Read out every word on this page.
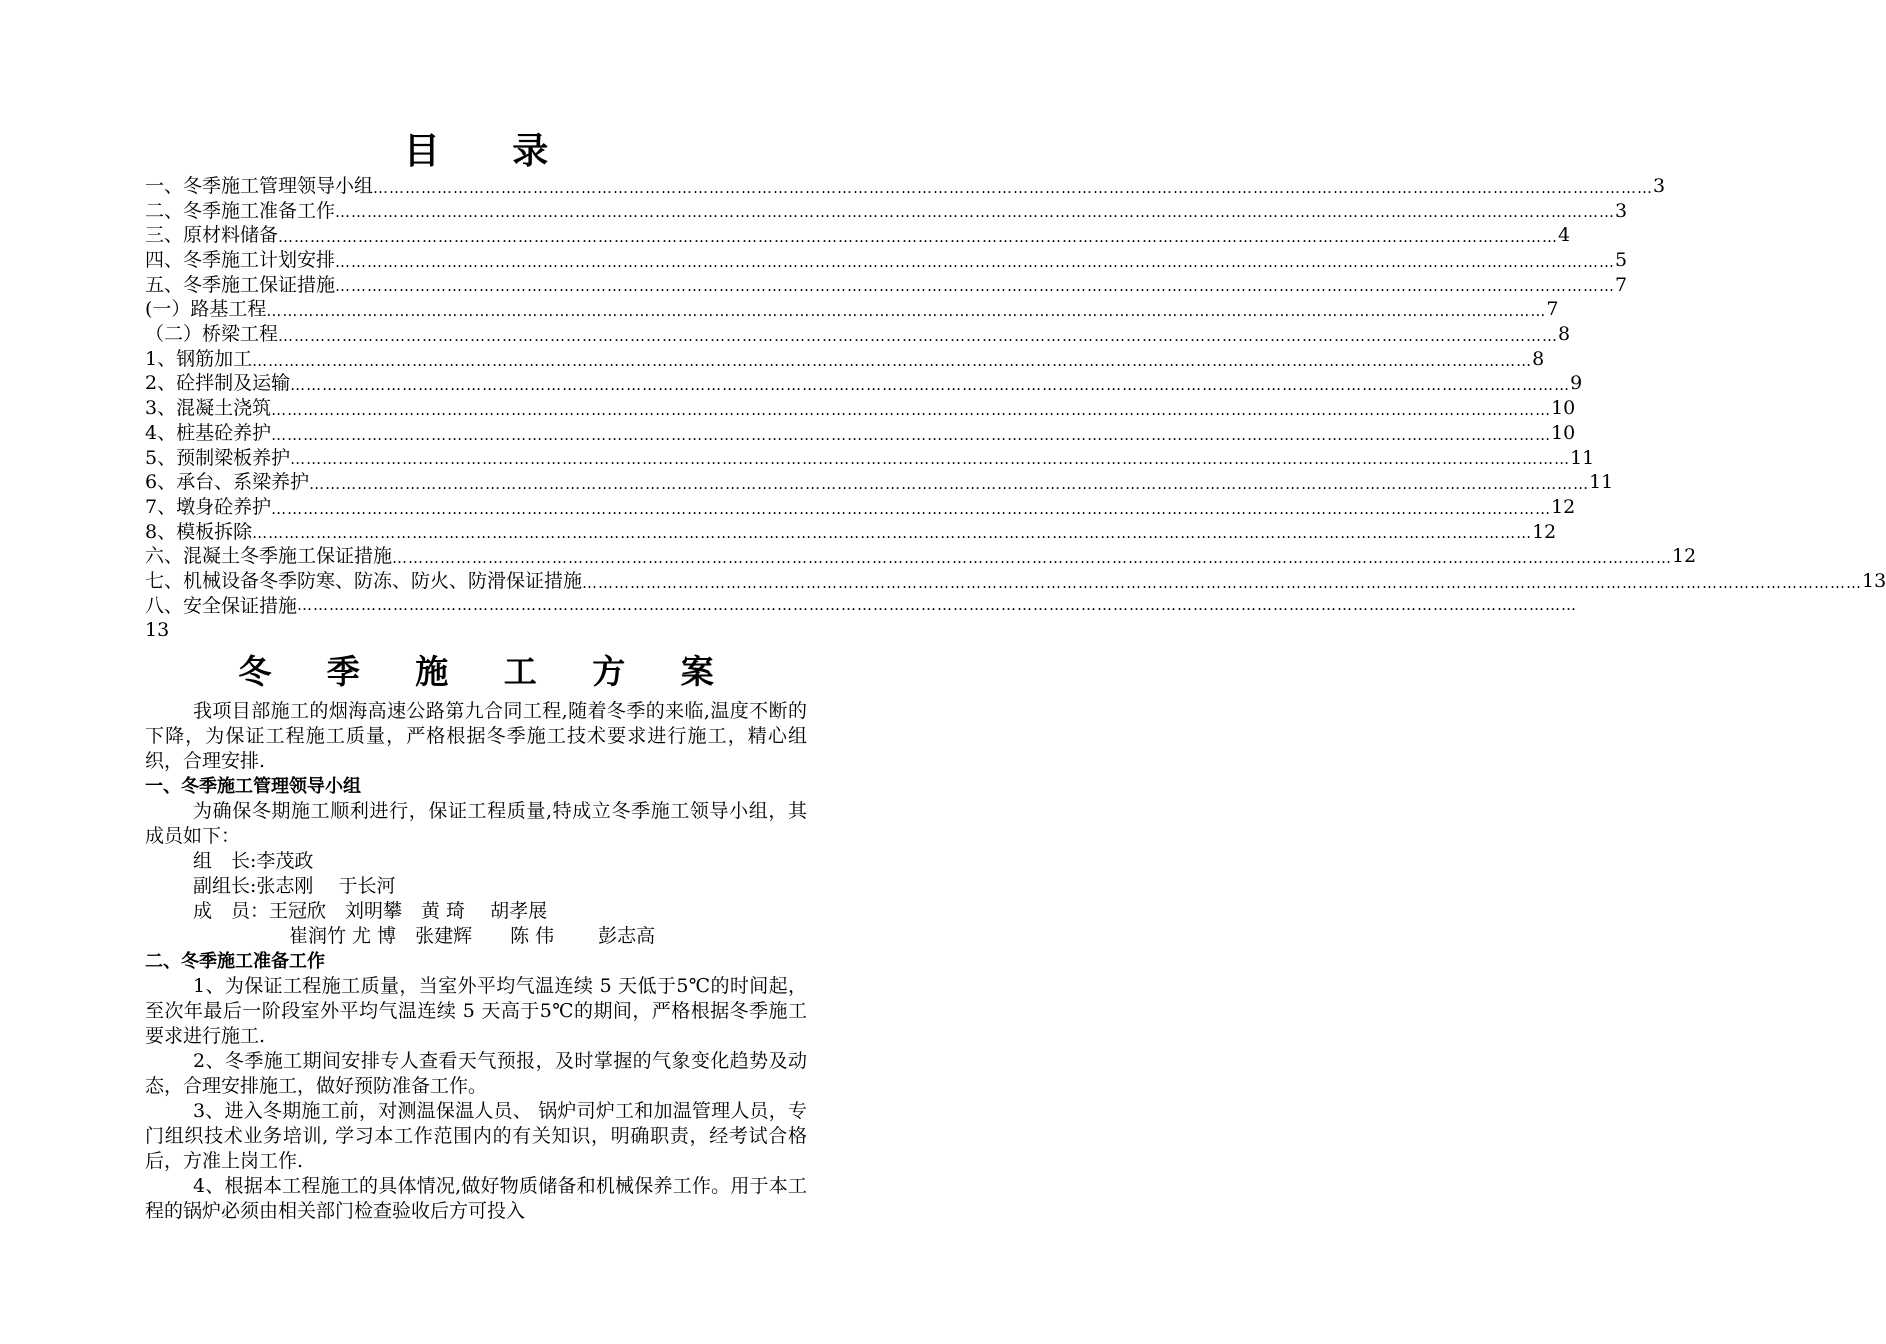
目 录
一、冬季施工管理领导小组 …………………………………………………………………………………………………………………………………………………………………………………………………………………… 3
二、冬季施工准备工作 …………………………………………………………………………………………………………………………………………………………………………………………………………………… 3
三、原材料储备 …………………………………………………………………………………………………………………………………………………………………………………………………………………… 4
四、冬季施工计划安排 …………………………………………………………………………………………………………………………………………………………………………………………………………………… 5
五、冬季施工保证措施 …………………………………………………………………………………………………………………………………………………………………………………………………………………… 7
(一）路基工程 …………………………………………………………………………………………………………………………………………………………………………………………………………………… 7
（二）桥梁工程 …………………………………………………………………………………………………………………………………………………………………………………………………………………… 8
1、钢筋加工 …………………………………………………………………………………………………………………………………………………………………………………………………………………… 8
2、砼拌制及运输 …………………………………………………………………………………………………………………………………………………………………………………………………………………… 9
3、混凝土浇筑 …………………………………………………………………………………………………………………………………………………………………………………………………………………… 10
4、桩基砼养护 …………………………………………………………………………………………………………………………………………………………………………………………………………………… 10
5、预制梁板养护 …………………………………………………………………………………………………………………………………………………………………………………………………………………… 11
6、承台、系梁养护 …………………………………………………………………………………………………………………………………………………………………………………………………………………… 11
7、墩身砼养护 …………………………………………………………………………………………………………………………………………………………………………………………………………………… 12
8、模板拆除 …………………………………………………………………………………………………………………………………………………………………………………………………………………… 12
六、混凝土冬季施工保证措施 …………………………………………………………………………………………………………………………………………………………………………………………………………………… 12
七、机械设备冬季防寒、防冻、防火、防滑保证措施 …………………………………………………………………………………………………………………………………………………………………………………………………………………… 13
八、安全保证措施 ……………………………………………………………………………………………………………………………………………………………………………………………………………………
13
冬 季 施 工 方 案

我项目部施工的烟海高速公路第九合同工程,随着冬季的来临,温度不断的下降，为保证工程施工质量，严格根据冬季施工技术要求进行施工，精心组织，合理安排.

一、冬季施工管理领导小组

为确保冬期施工顺利进行，保证工程质量,特成立冬季施工领导小组，其成员如下：

组　长:李茂政

副组长:张志刚　 于长河

成　员：王冠欣　刘明攀　黄 琦　 胡孝展

崔润竹 尤 博　张建辉　　陈 伟　　 彭志高

二、冬季施工准备工作

1、为保证工程施工质量，当室外平均气温连续 5 天低于5℃的时间起，至次年最后一阶段室外平均气温连续 5 天高于5℃的期间，严格根据冬季施工要求进行施工.

2、冬季施工期间安排专人查看天气预报，及时掌握的气象变化趋势及动态，合理安排施工，做好预防准备工作。

3、进入冬期施工前，对测温保温人员、 锅炉司炉工和加温管理人员，专门组织技术业务培训, 学习本工作范围内的有关知识，明确职责，经考试合格后，方准上岗工作.

4、根据本工程施工的具体情况,做好物质储备和机械保养工作。用于本工程的锅炉必须由相关部门检查验收后方可投入
